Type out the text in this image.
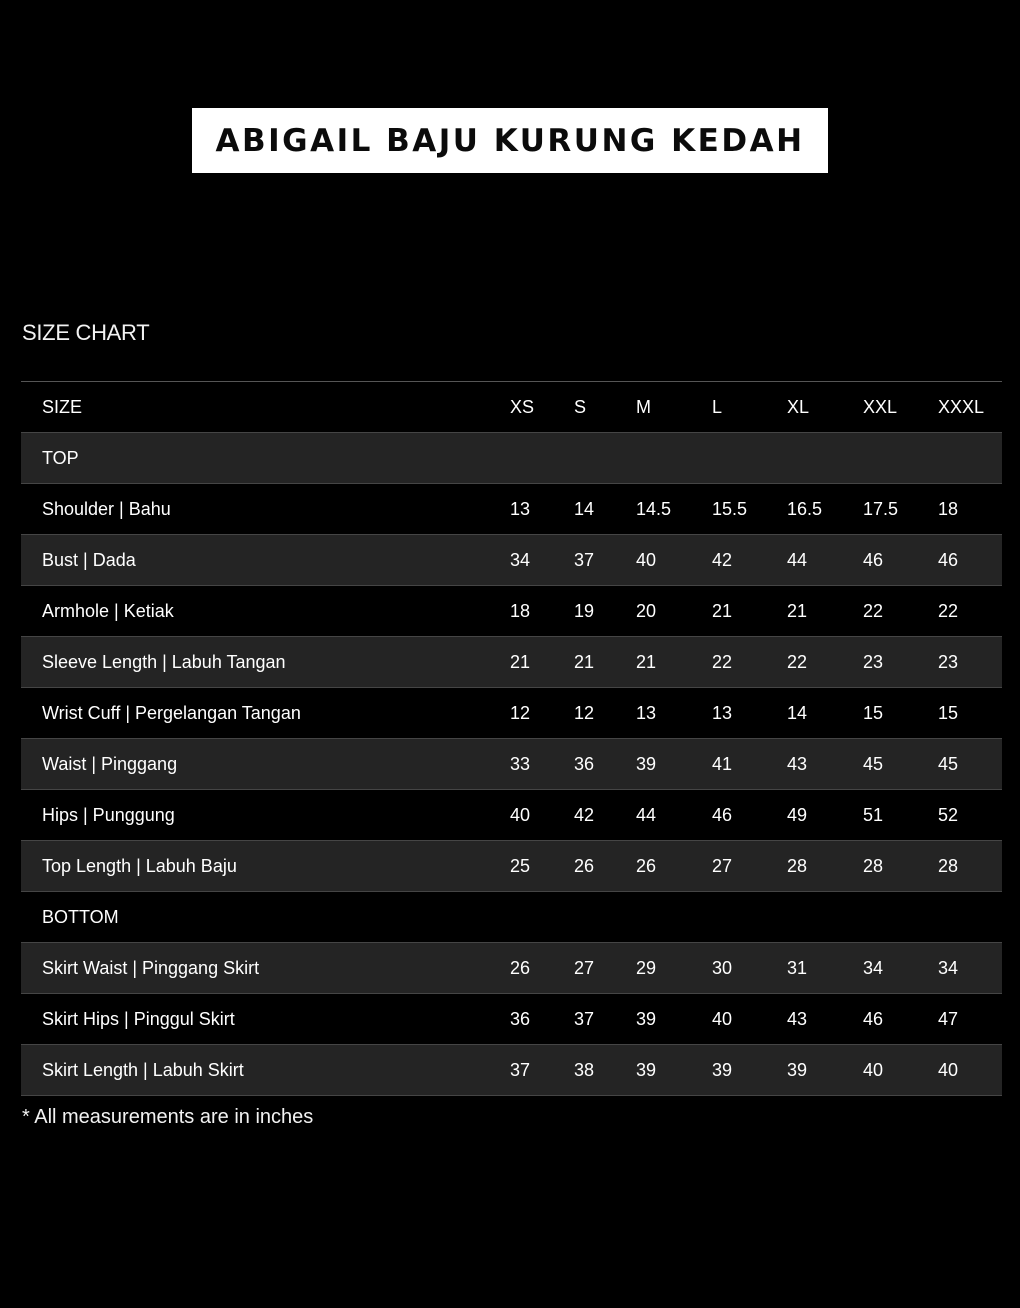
ABIGAIL BAJU KURUNG KEDAH
SIZE CHART
SIZE	XS	S	M	L	XL	XXL	XXXL
TOP							
Shoulder | Bahu	13	14	14.5	15.5	16.5	17.5	18
Bust | Dada	34	37	40	42	44	46	46
Armhole | Ketiak	18	19	20	21	21	22	22
Sleeve Length | Labuh Tangan	21	21	21	22	22	23	23
Wrist Cuff | Pergelangan Tangan	12	12	13	13	14	15	15
Waist | Pinggang	33	36	39	41	43	45	45
Hips | Punggung	40	42	44	46	49	51	52
Top Length | Labuh Baju	25	26	26	27	28	28	28
BOTTOM							
Skirt Waist | Pinggang Skirt	26	27	29	30	31	34	34
Skirt Hips | Pinggul Skirt	36	37	39	40	43	46	47
Skirt Length | Labuh Skirt	37	38	39	39	39	40	40
* All measurements are in inches
